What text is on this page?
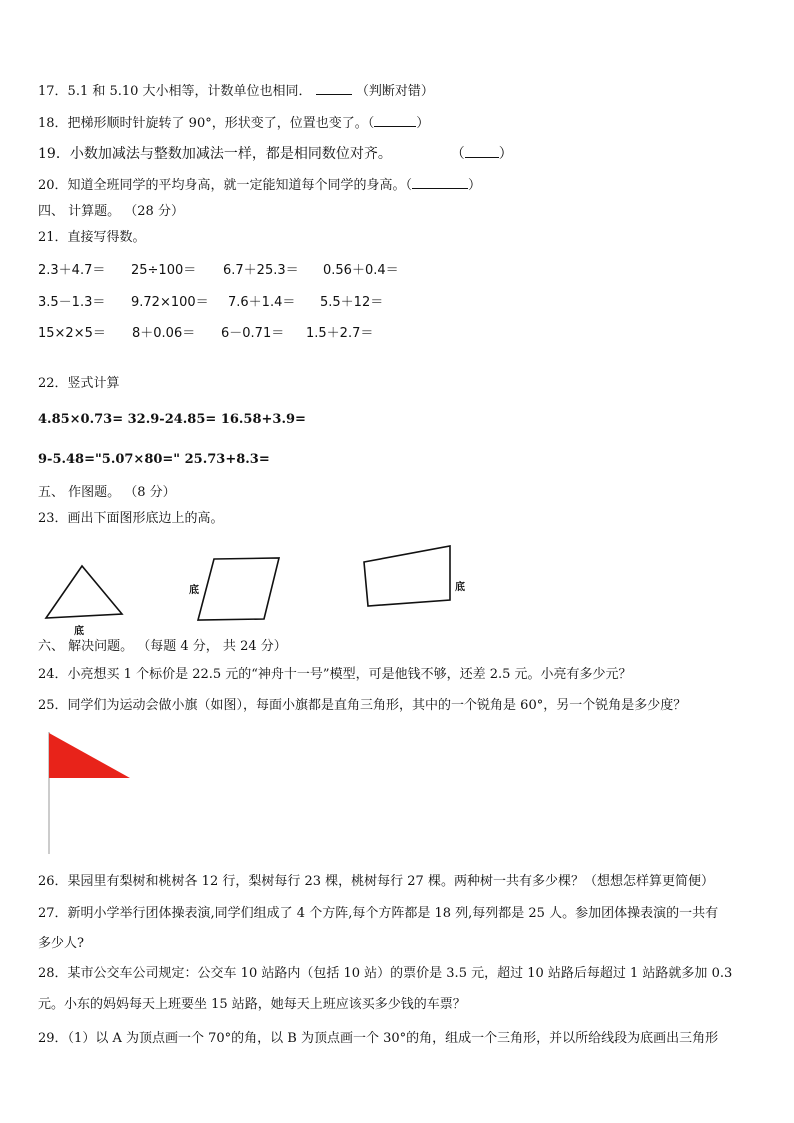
17．5.1 和 5.10 大小相等，计数单位也相同．	（判断对错）
18．把梯形顺时针旋转了 90°，形状变了，位置也变了。（	）
19．小数加减法与整数加减法一样，都是相同数位对齐。	（ ）
20．知道全班同学的平均身高，就一定能知道每个同学的身高。（	）
四、 计算题。 （28 分）
21．直接写得数。
2.3＋4.7＝ 25÷100＝ 6.7＋25.3＝ 0.56＋0.4＝
3.5－1.3＝ 9.72×100＝ 7.6＋1.4＝ 5.5＋12＝
15×2×5＝ 8＋0.06＝ 6－0.71＝ 1.5＋2.7＝
22．竖式计算
4.85×0.73= 32.9-24.85= 16.58+3.9=
9-5.48="5.07×80=" 25.73+8.3=
五、 作图题。 （8 分）
23．画出下面图形底边上的高。
底
底	底
六、 解决问题。 （每题 4 分， 共 24 分）
24．小亮想买 1 个标价是 22.5 元的“神舟十一号”模型，可是他钱不够，还差 2.5 元。小亮有多少元？
25．同学们为运动会做小旗（如图），每面小旗都是直角三角形，其中的一个锐角是 60°，另一个锐角是多少度？
26．果园里有梨树和桃树各 12 行，梨树每行 23 棵，桃树每行 27 棵。两种树一共有多少棵？（想想怎样算更简便）
27．新明小学举行团体操表演,同学们组成了 4 个方阵,每个方阵都是 18 列,每列都是 25 人。参加团体操表演的一共有
多少人?
28．某市公交车公司规定：公交车 10 站路内（包括 10 站）的票价是 3.5 元，超过 10 站路后每超过 1 站路就多加 0.3
元。小东的妈妈每天上班要坐 15 站路，她每天上班应该买多少钱的车票？
29．（1）以 A 为顶点画一个 70°的角，以 B 为顶点画一个 30°的角，组成一个三角形，并以所给线段为底画出三角形
